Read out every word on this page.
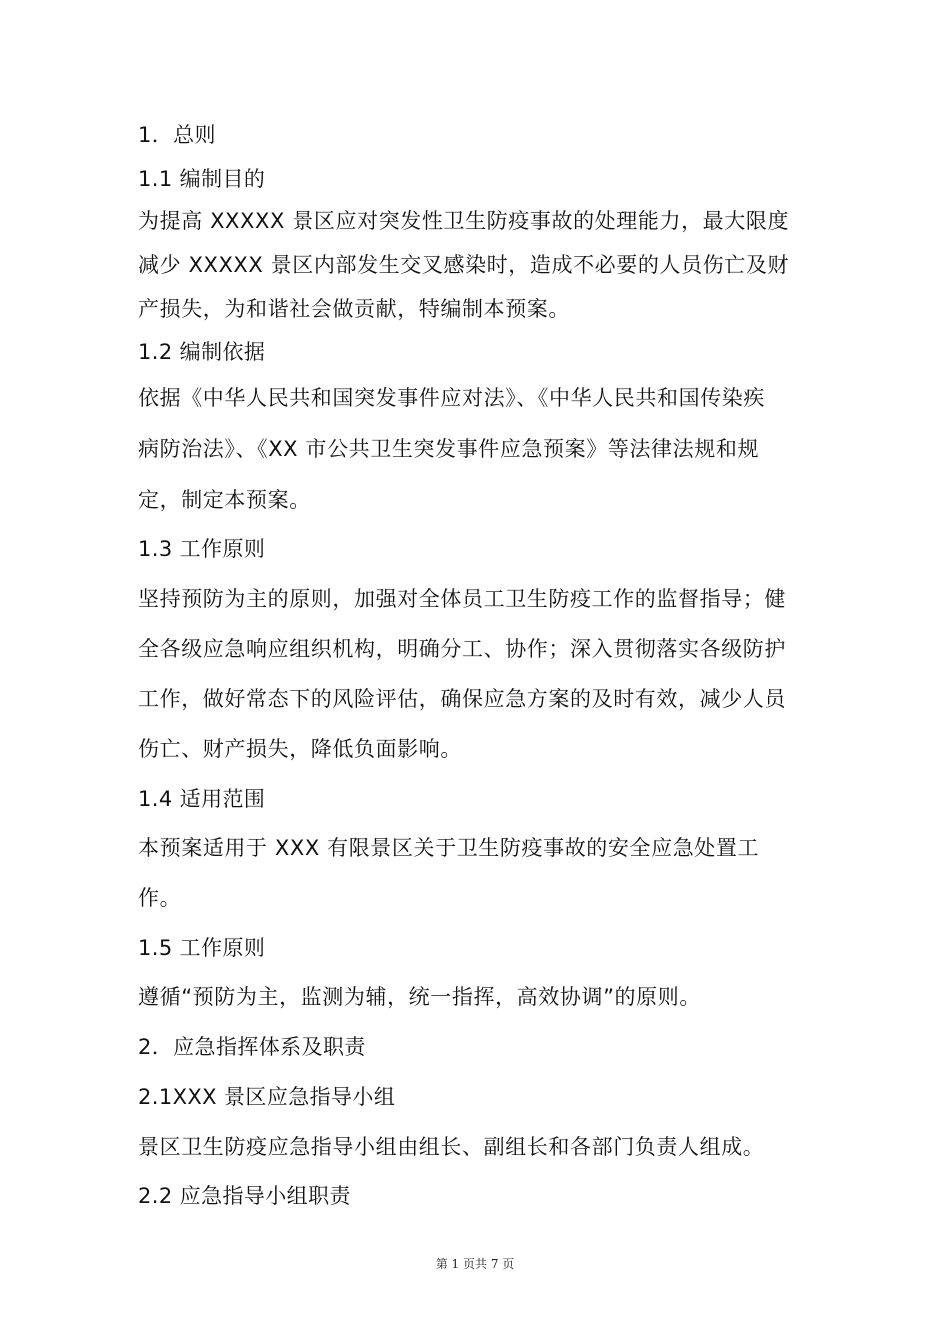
1．总则
1.1 编制目的
为提高 XXXXX 景区应对突发性卫生防疫事故的处理能力，最大限度
减少 XXXXX 景区内部发生交叉感染时，造成不必要的人员伤亡及财
产损失，为和谐社会做贡献，特编制本预案。
1.2 编制依据
依据《中华人民共和国突发事件应对法》、《中华人民共和国传染疾
病防治法》、《XX 市公共卫生突发事件应急预案》等法律法规和规
定，制定本预案。
1.3 工作原则
坚持预防为主的原则，加强对全体员工卫生防疫工作的监督指导；健
全各级应急响应组织机构，明确分工、协作；深入贯彻落实各级防护
工作，做好常态下的风险评估，确保应急方案的及时有效，减少人员
伤亡、财产损失，降低负面影响。
1.4 适用范围
本预案适用于 XXX 有限景区关于卫生防疫事故的安全应急处置工
作。
1.5 工作原则
遵循“预防为主，监测为辅，统一指挥，高效协调”的原则。
2．应急指挥体系及职责
2.1XXX 景区应急指导小组
景区卫生防疫应急指导小组由组长、副组长和各部门负责人组成。
2.2 应急指导小组职责
第 1 页共 7 页
